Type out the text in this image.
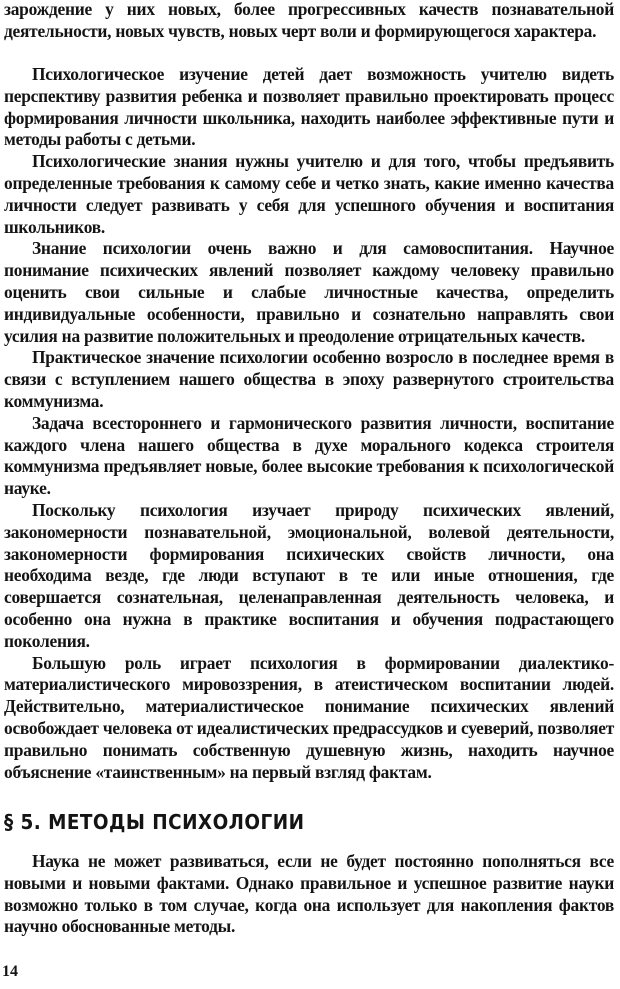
зарождение у них новых, более прогрессивных качеств познавательной деятельности, новых чувств, новых черт воли и формирующегося характера.

Психологическое изучение детей дает возможность учителю видеть перспективу развития ребенка и позволяет правильно проектировать процесс формирования личности школьника, находить наиболее эффективные пути и методы работы с детьми.

Психологические знания нужны учителю и для того, чтобы предъявить определенные требования к самому себе и четко знать, какие именно качества личности следует развивать у себя для успешного обучения и воспитания школьников.

Знание психологии очень важно и для самовоспитания. Научное понимание психических явлений позволяет каждому человеку правильно оценить свои сильные и слабые личностные качества, определить индивидуальные особенности, правильно и сознательно направлять свои усилия на развитие положительных и преодоление отрицательных качеств.

Практическое значение психологии особенно возросло в последнее время в связи с вступлением нашего общества в эпоху развернутого строительства коммунизма.

Задача всестороннего и гармонического развития личности, воспитание каждого члена нашего общества в духе морального кодекса строителя коммунизма предъявляет новые, более высокие требования к психологической науке.

Поскольку психология изучает природу психических явлений, закономерности познавательной, эмоциональной, волевой деятельности, закономерности формирования психических свойств личности, она необходима везде, где люди вступают в те или иные отношения, где совершается сознательная, целенаправленная деятельность человека, и особенно она нужна в практике воспитания и обучения подрастающего поколения.

Большую роль играет психология в формировании диалектико-материалистического мировоззрения, в атеистическом воспитании людей. Действительно, материалистическое понимание психических явлений освобождает человека от идеалистических предрассудков и суеверий, позволяет правильно понимать собственную душевную жизнь, находить научное объяснение «таинственным» на первый взгляд фактам.

§ 5. МЕТОДЫ ПСИХОЛОГИИ

Наука не может развиваться, если не будет постоянно пополняться все новыми и новыми фактами. Однако правильное и успешное развитие науки возможно только в том случае, когда она использует для накопления фактов научно обоснованные методы.

14
